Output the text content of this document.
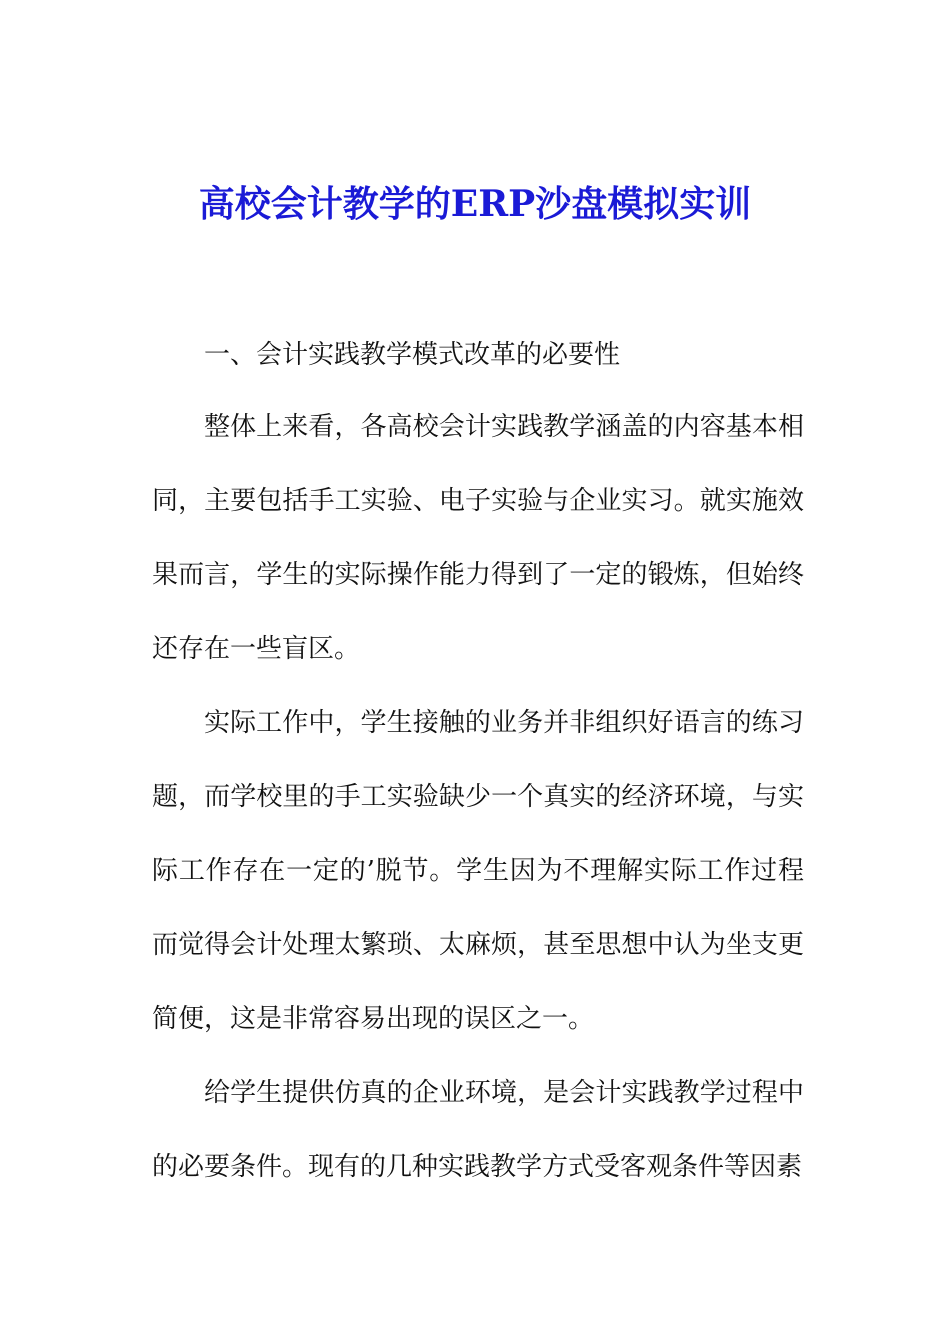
高校会计教学的ERP沙盘模拟实训

一、会计实践教学模式改革的必要性

整体上来看，各高校会计实践教学涵盖的内容基本相同，主要包括手工实验、电子实验与企业实习。就实施效果而言，学生的实际操作能力得到了一定的锻炼，但始终还存在一些盲区。

实际工作中，学生接触的业务并非组织好语言的练习题，而学校里的手工实验缺少一个真实的经济环境，与实际工作存在一定的’脱节。学生因为不理解实际工作过程而觉得会计处理太繁琐、太麻烦，甚至思想中认为坐支更简便，这是非常容易出现的误区之一。

给学生提供仿真的企业环境，是会计实践教学过程中的必要条件。现有的几种实践教学方式受客观条件等因素
